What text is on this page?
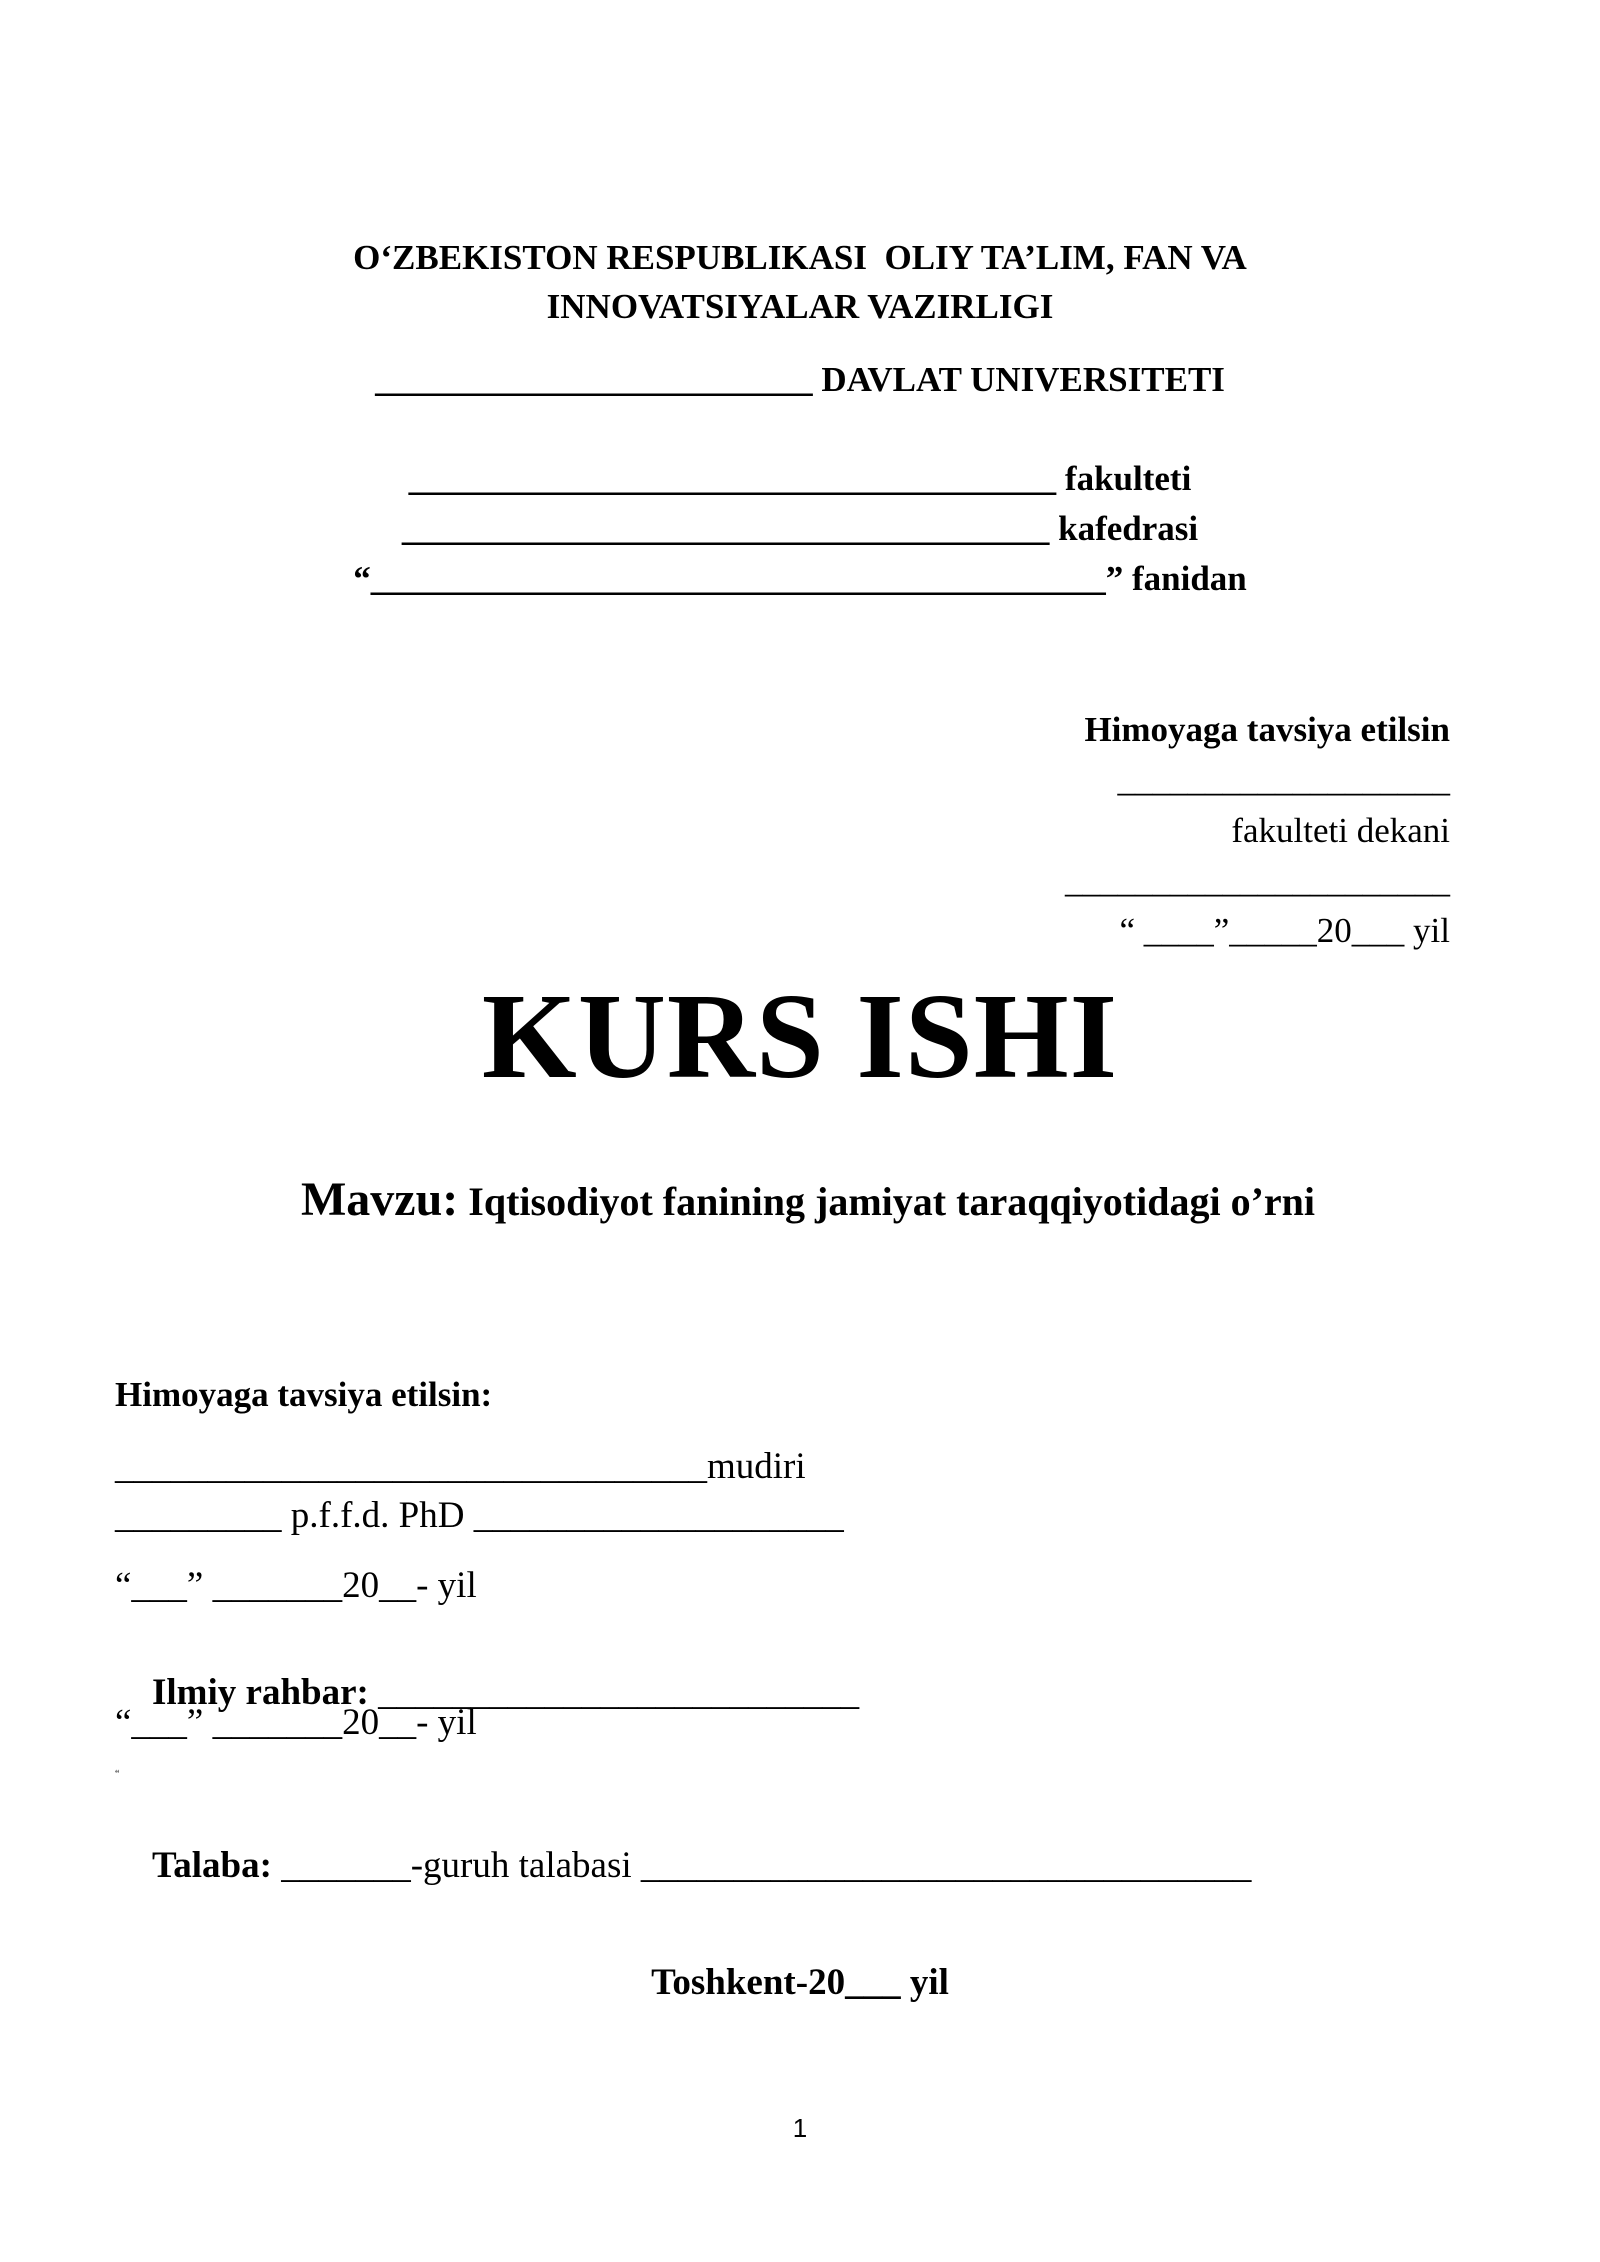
O‘ZBEKISTON RESPUBLIKASI  OLIY TA’LIM, FAN VA
INNOVATSIYALAR VAZIRLIGI
_________________________ DAVLAT UNIVERSITETI
_____________________________________ fakulteti
_____________________________________ kafedrasi
“__________________________________________” fanidan
Himoyaga tavsiya etilsin
___________________
fakulteti dekani
______________________
“ ____”_____20___ yil
KURS ISHI

Mavzu: Iqtisodiyot fanining jamiyat taraqqiyotidagi o’rni

Himoyaga tavsiya etilsin:
________________________________mudiri
_________ p.f.f.d. PhD ____________________
“___” _______20__- yil

Ilmiy rahbar: __________________________

“___” _______20__- yil
“

Talaba: _______-guruh talabasi _________________________________

Toshkent-20___ yil
1
